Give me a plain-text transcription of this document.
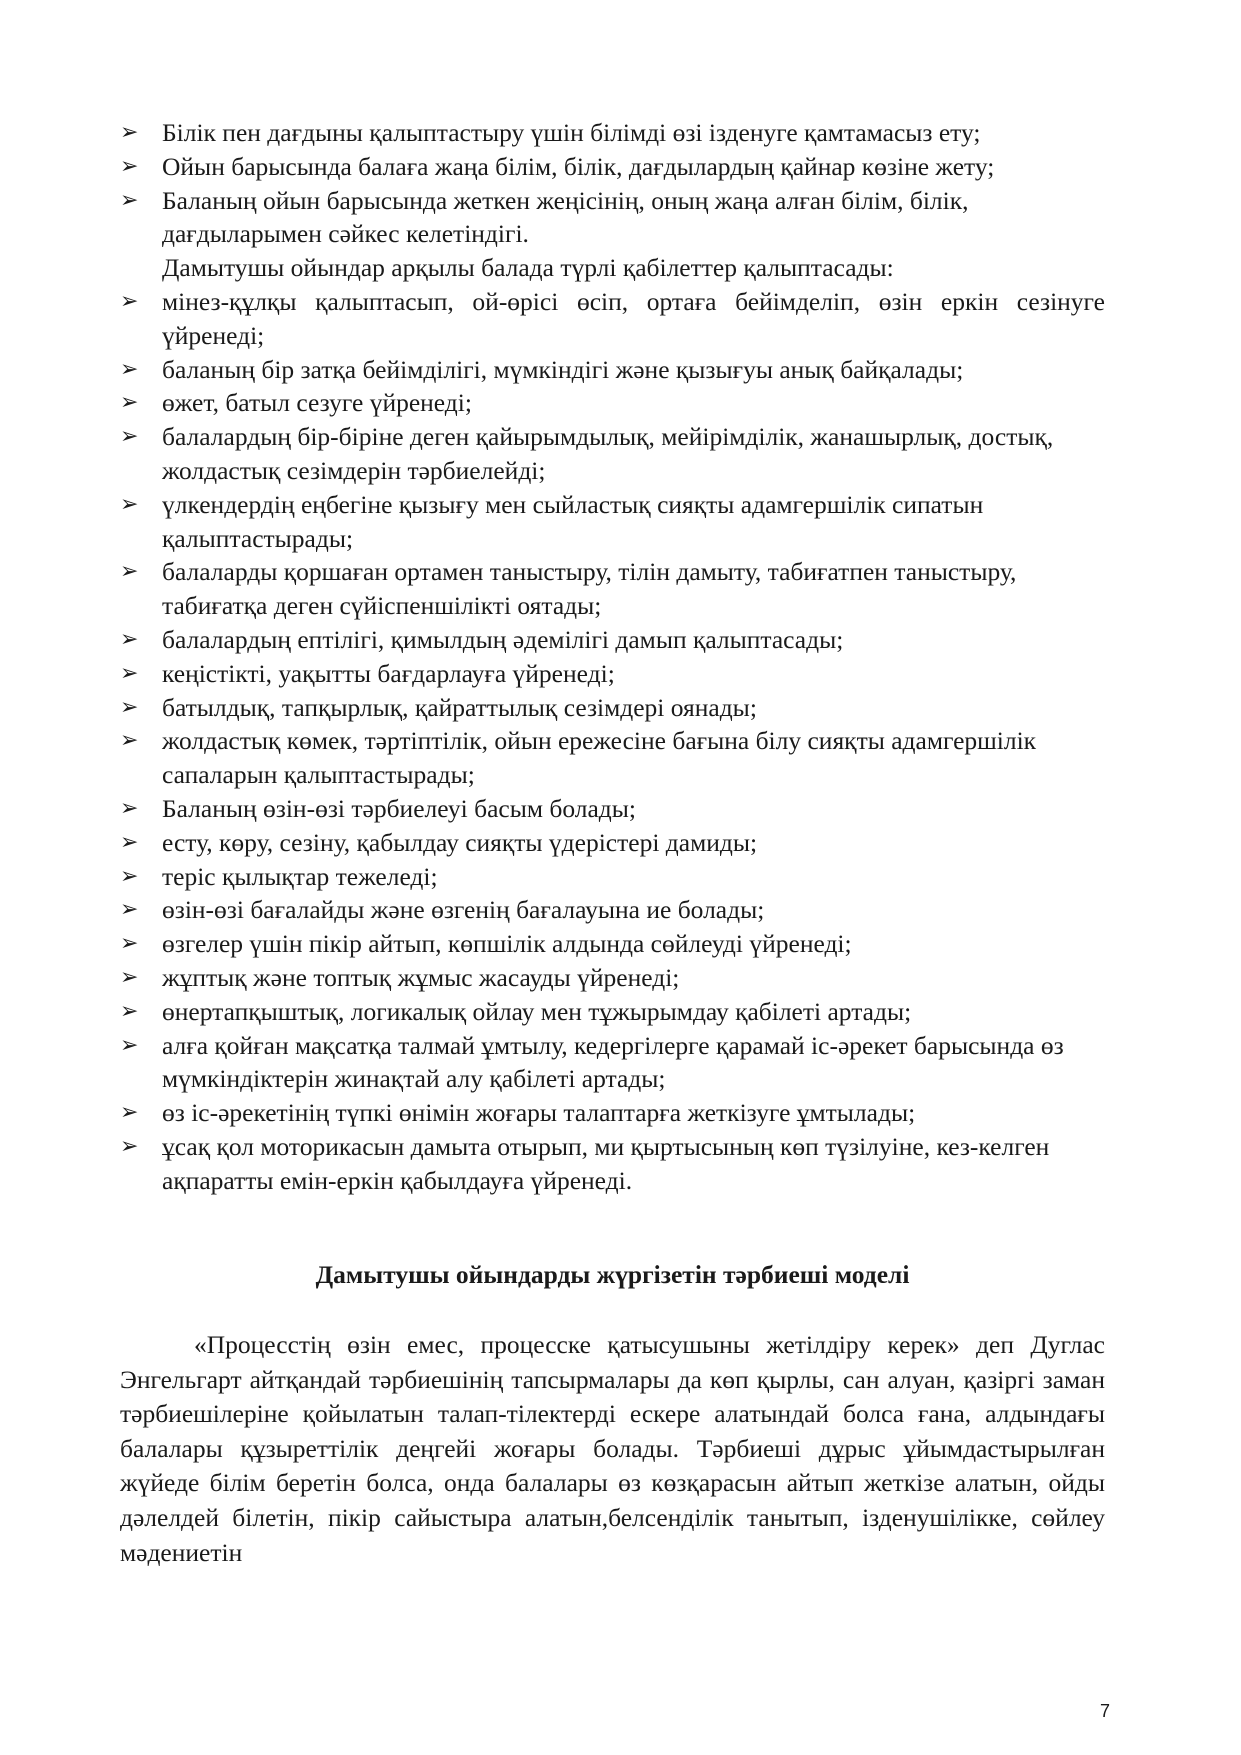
➢ Білік пен дағдыны қалыптастыру үшін білімді өзі ізденуге қамтамасыз ету;
➢ Ойын барысында балаға жаңа білім, білік, дағдылардың қайнар көзіне жету;
➢ Баланың ойын барысында жеткен жеңісінің, оның жаңа алған білім, білік, дағдыларымен сәйкес келетіндігі.
Дамытушы ойындар арқылы балада түрлі қабілеттер қалыптасады:
➢ мінез-құлқы қалыптасып, ой-өрісі өсіп, ортаға бейімделіп, өзін еркін сезінуге үйренеді;
➢ баланың бір затқа бейімділігі, мүмкіндігі және қызығуы анық байқалады;
➢ өжет, батыл сезуге үйренеді;
➢ балалардың бір-біріне деген қайырымдылық, мейірімділік, жанашырлық, достық, жолдастық сезімдерін тәрбиелейді;
➢ үлкендердің еңбегіне қызығу мен сыйластық сияқты адамгершілік сипатын қалыптастырады;
➢ балаларды қоршаған ортамен таныстыру, тілін дамыту, табиғатпен таныстыру, табиғатқа деген сүйіспеншілікті оятады;
➢ балалардың ептілігі, қимылдың әдемілігі дамып қалыптасады;
➢ кеңістікті, уақытты бағдарлауға үйренеді;
➢ батылдық, тапқырлық, қайраттылық сезімдері оянады;
➢ жолдастық көмек, тәртіптілік, ойын ережесіне бағына білу сияқты адамгершілік сапаларын қалыптастырады;
➢ Баланың өзін-өзі тәрбиелеуі басым болады;
➢ есту, көру, сезіну, қабылдау сияқты үдерістері дамиды;
➢ теріс қылықтар тежеледі;
➢ өзін-өзі бағалайды және өзгенің бағалауына ие болады;
➢ өзгелер үшін пікір айтып, көпшілік алдында сөйлеуді үйренеді;
➢ жұптық және топтық жұмыс жасауды үйренеді;
➢ өнертапқыштық, логикалық ойлау мен тұжырымдау қабілеті артады;
➢ алға қойған мақсатқа талмай ұмтылу, кедергілерге қарамай іс-әрекет барысында өз мүмкіндіктерін жинақтай алу қабілеті артады;
➢ өз іс-әрекетінің түпкі өнімін жоғары талаптарға жеткізуге ұмтылады;
➢ ұсақ қол моторикасын дамыта отырып, ми қыртысының көп түзілуіне, кез-келген ақпаратты емін-еркін қабылдауға үйренеді.
Дамытушы ойындарды жүргізетін тәрбиеші моделі

«Процесстің өзін емес, процесске қатысушыны жетілдіру керек» деп Дуглас Энгельгарт айтқандай тәрбиешінің тапсырмалары да көп қырлы, сан алуан, қазіргі заман тәрбиешілеріне қойылатын талап-тілектерді ескере алатындай болса ғана, алдындағы балалары құзыреттілік деңгейі жоғары болады. Тәрбиеші дұрыс ұйымдастырылған жүйеде білім беретін болса, онда балалары өз көзқарасын айтып жеткізе алатын, ойды дәлелдей білетін, пікір сайыстыра алатын,белсенділік танытып, ізденушілікке, сөйлеу мәдениетін

7
